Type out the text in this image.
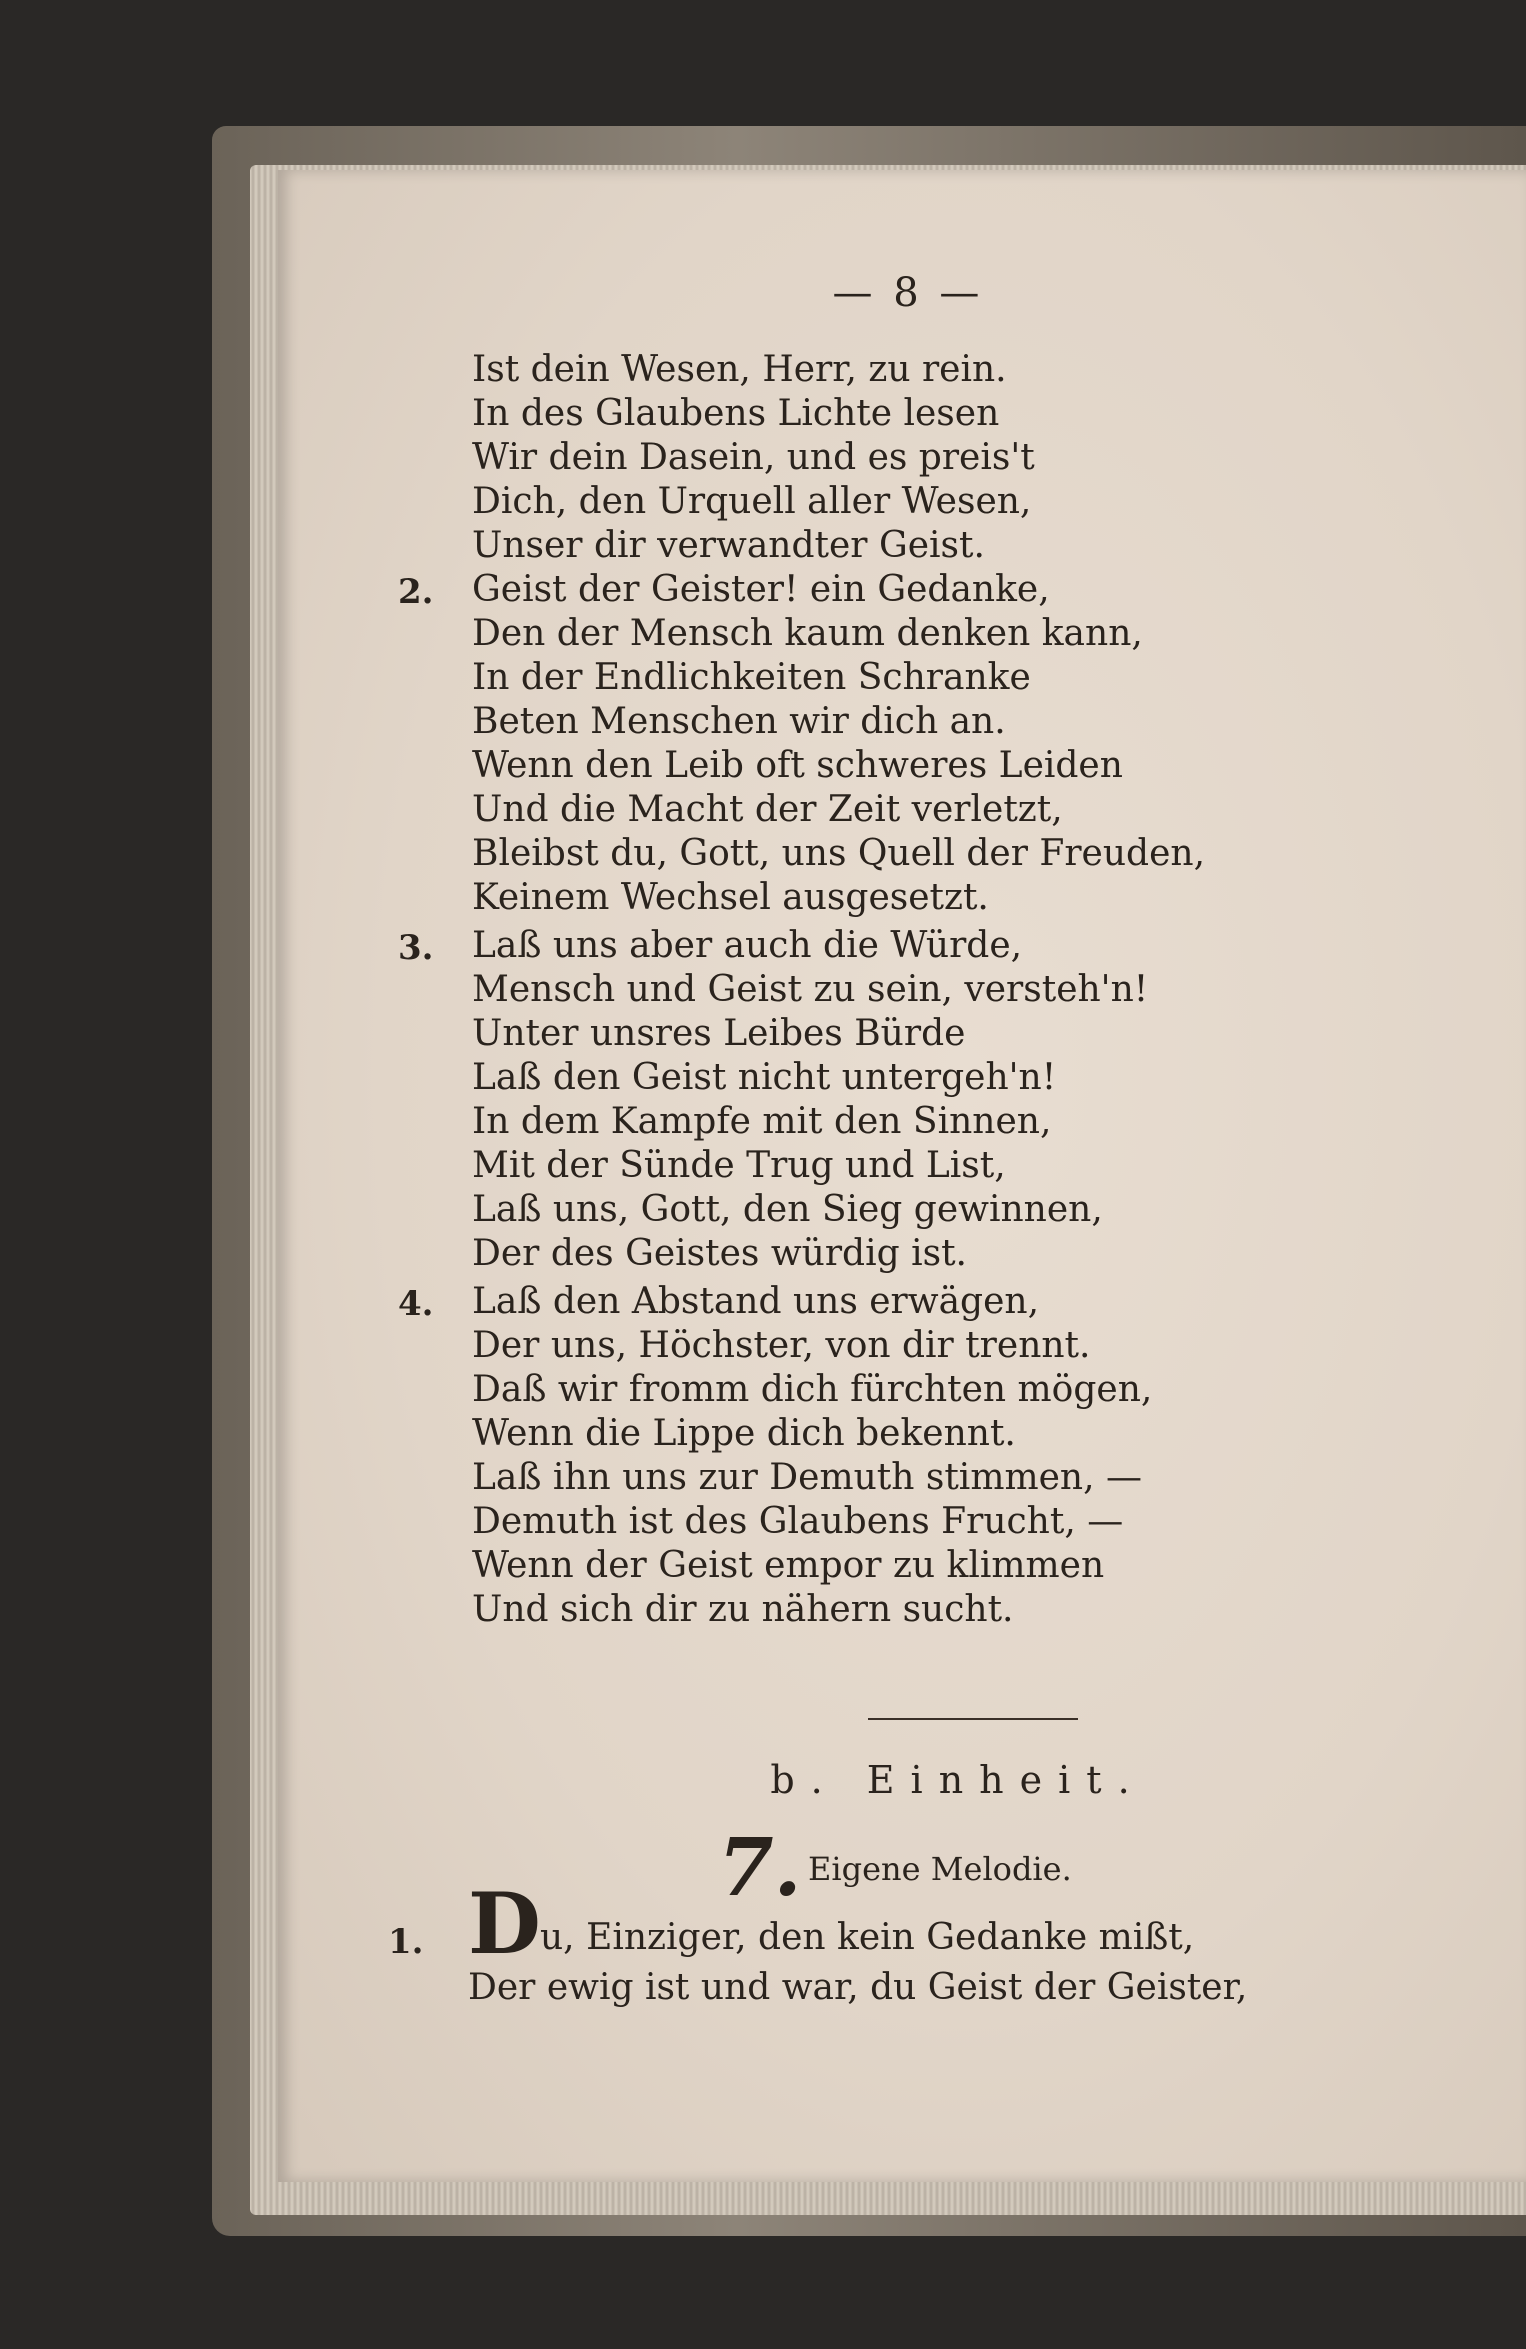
— 8 —
Ist dein Wesen, Herr, zu rein.
In des Glaubens Lichte lesen
Wir dein Dasein, und es preis't
Dich, den Urquell aller Wesen,
Unser dir verwandter Geist.
2. Geist der Geister! ein Gedanke,
Den der Mensch kaum denken kann,
In der Endlichkeiten Schranke
Beten Menschen wir dich an.
Wenn den Leib oft schweres Leiden
Und die Macht der Zeit verletzt,
Bleibst du, Gott, uns Quell der Freuden,
Keinem Wechsel ausgesetzt.
3. Laß uns aber auch die Würde,
Mensch und Geist zu sein, versteh'n!
Unter unsres Leibes Bürde
Laß den Geist nicht untergeh'n!
In dem Kampfe mit den Sinnen,
Mit der Sünde Trug und List,
Laß uns, Gott, den Sieg gewinnen,
Der des Geistes würdig ist.
4. Laß den Abstand uns erwägen,
Der uns, Höchster, von dir trennt.
Daß wir fromm dich fürchten mögen,
Wenn die Lippe dich bekennt.
Laß ihn uns zur Demuth stimmen, —
Demuth ist des Glaubens Frucht, —
Wenn der Geist empor zu klimmen
Und sich dir zu nähern sucht.
b. Einheit.
7. Eigene Melodie.
1. D u, Einziger, den kein Gedanke mißt,
Der ewig ist und war, du Geist der Geister,
